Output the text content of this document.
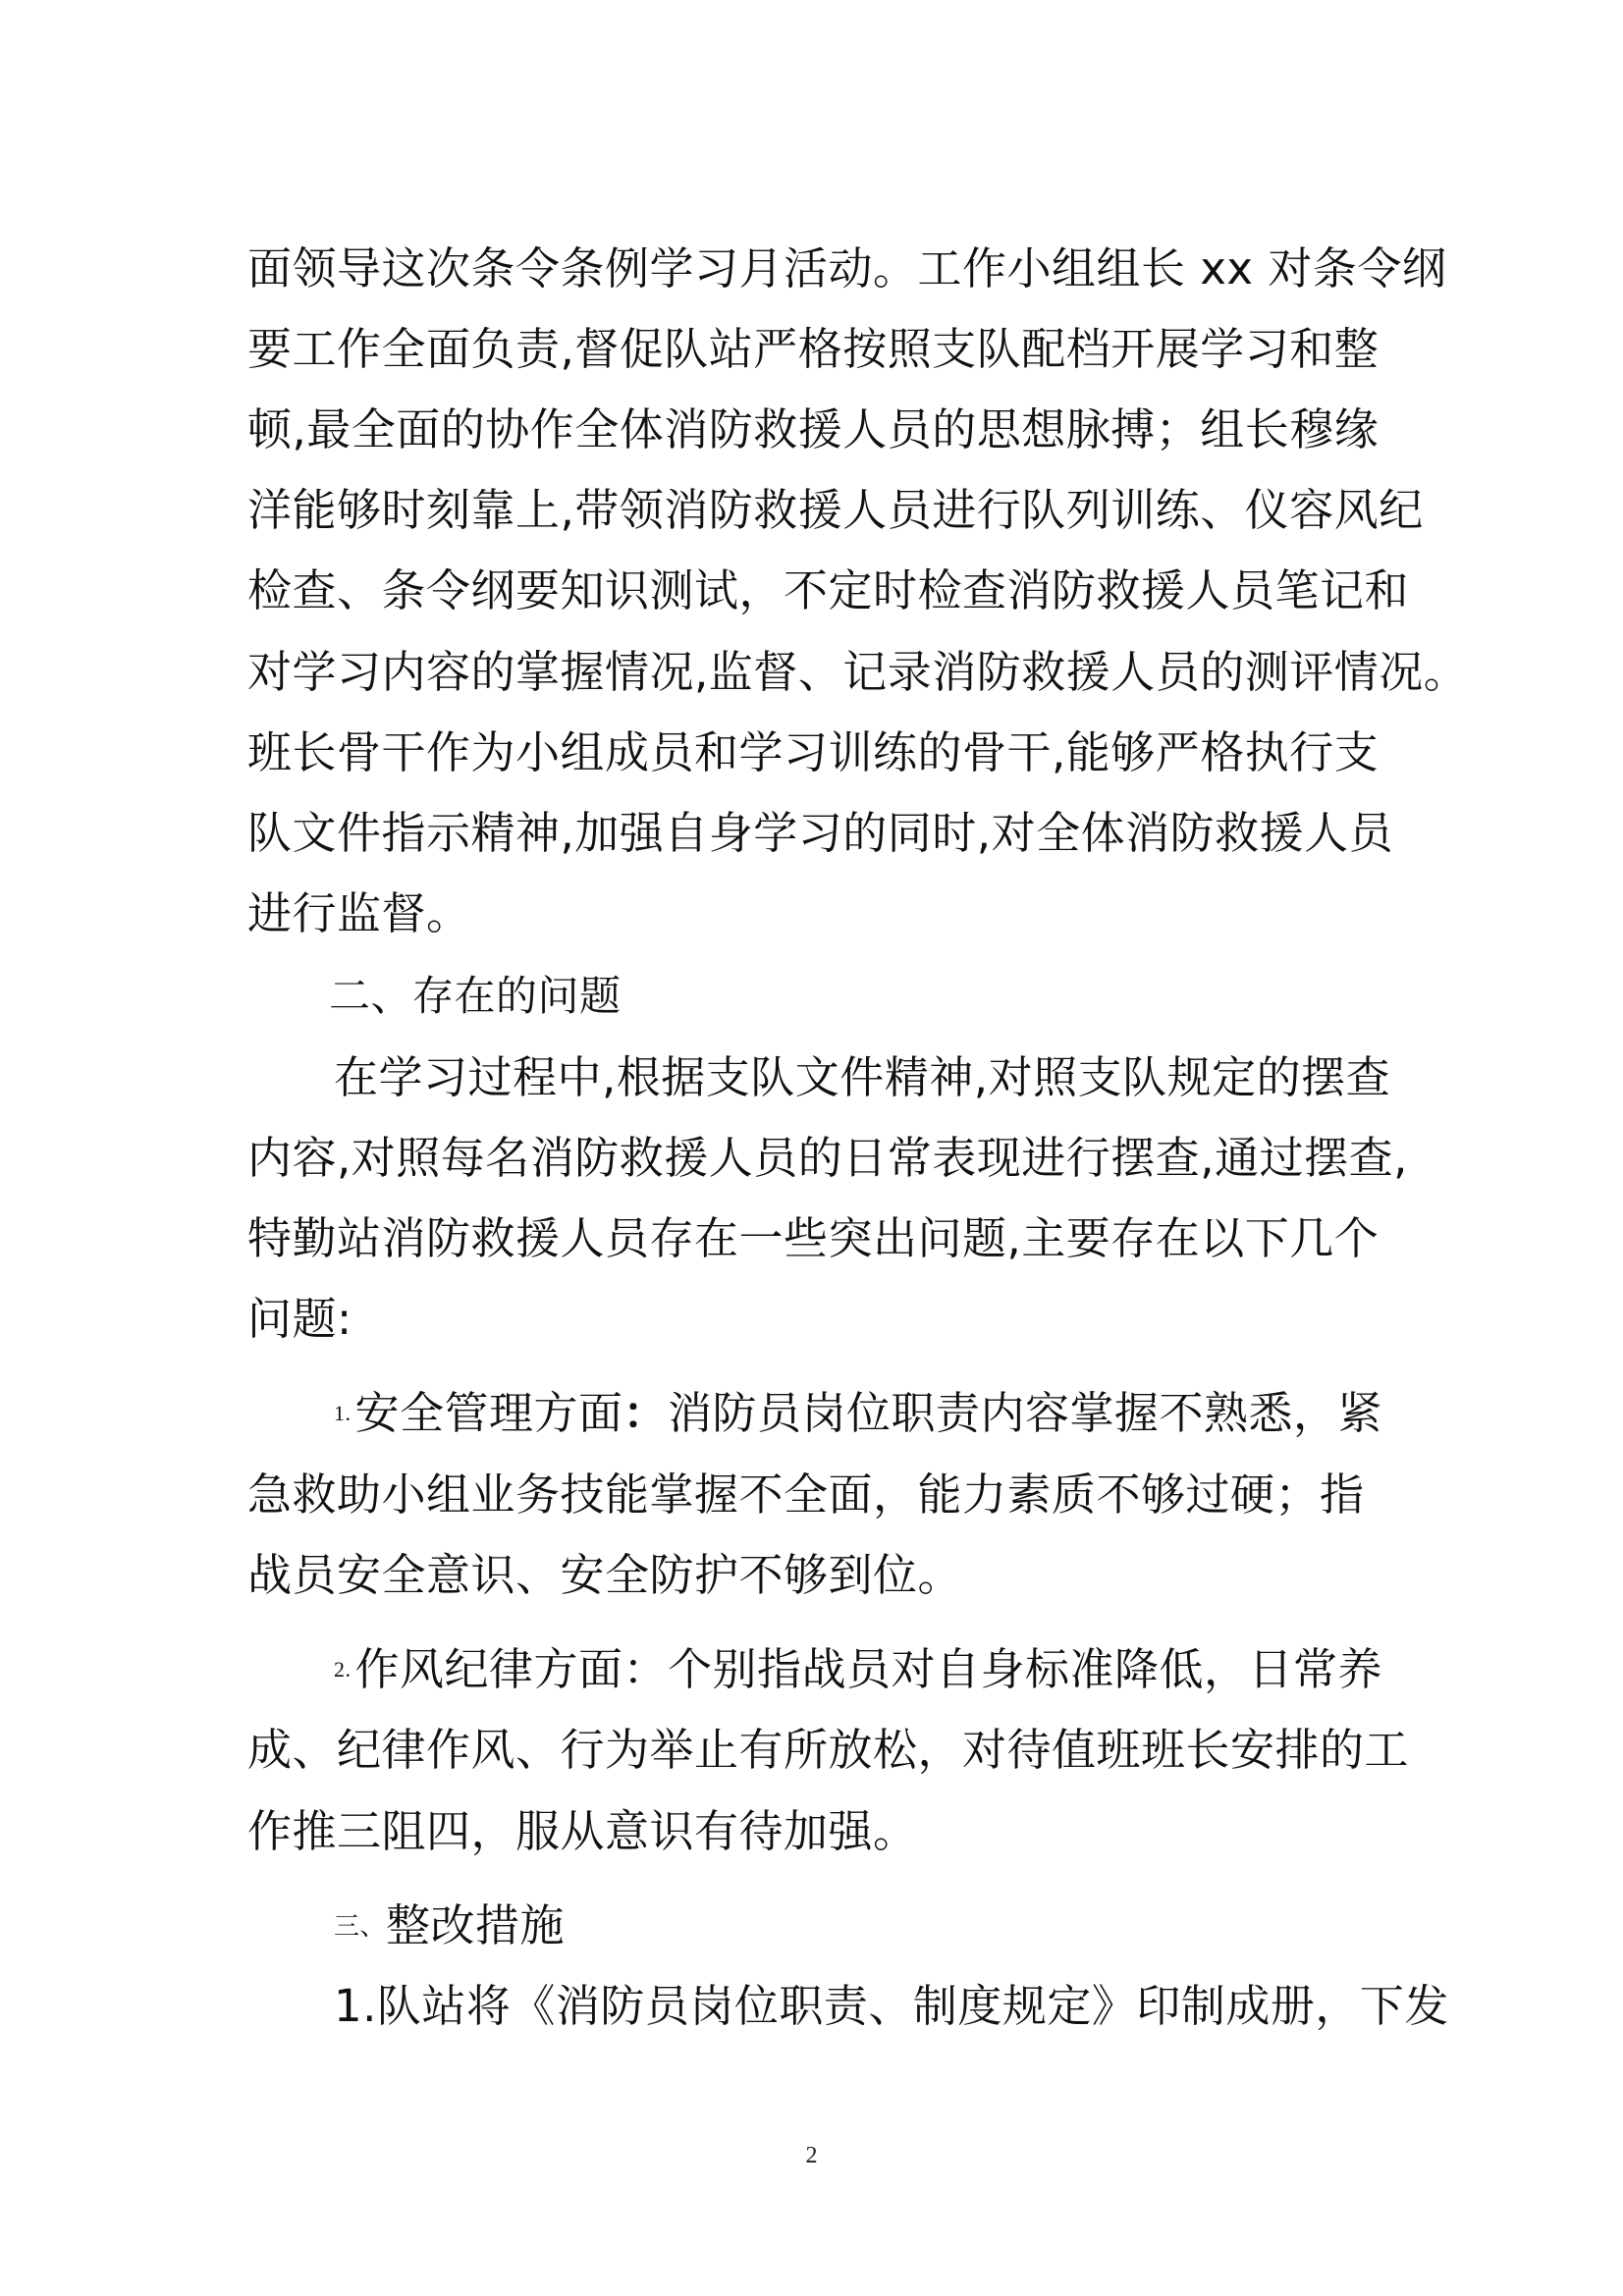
面领导这次条令条例学习月活动。工作小组组长 xx 对条令纲
要工作全面负责,督促队站严格按照支队配档开展学习和整
顿,最全面的协作全体消防救援人员的思想脉搏；组长穆缘
洋能够时刻靠上,带领消防救援人员进行队列训练、仪容风纪
检查、条令纲要知识测试，不定时检查消防救援人员笔记和
对学习内容的掌握情况,监督、记录消防救援人员的测评情况。
班长骨干作为小组成员和学习训练的骨干,能够严格执行支
队文件指示精神,加强自身学习的同时,对全体消防救援人员
进行监督。
二、存在的问题
在学习过程中,根据支队文件精神,对照支队规定的摆查
内容,对照每名消防救援人员的日常表现进行摆查,通过摆查,
特勤站消防救援人员存在一些突出问题,主要存在以下几个
问题:
1.安全管理方面：消防员岗位职责内容掌握不熟悉，紧
急救助小组业务技能掌握不全面，能力素质不够过硬；指
战员安全意识、安全防护不够到位。
2.作风纪律方面：个别指战员对自身标准降低，日常养
成、纪律作风、行为举止有所放松，对待值班班长安排的工
作推三阻四，服从意识有待加强。
三、整改措施
1.队站将《消防员岗位职责、制度规定》印制成册，下发
2
